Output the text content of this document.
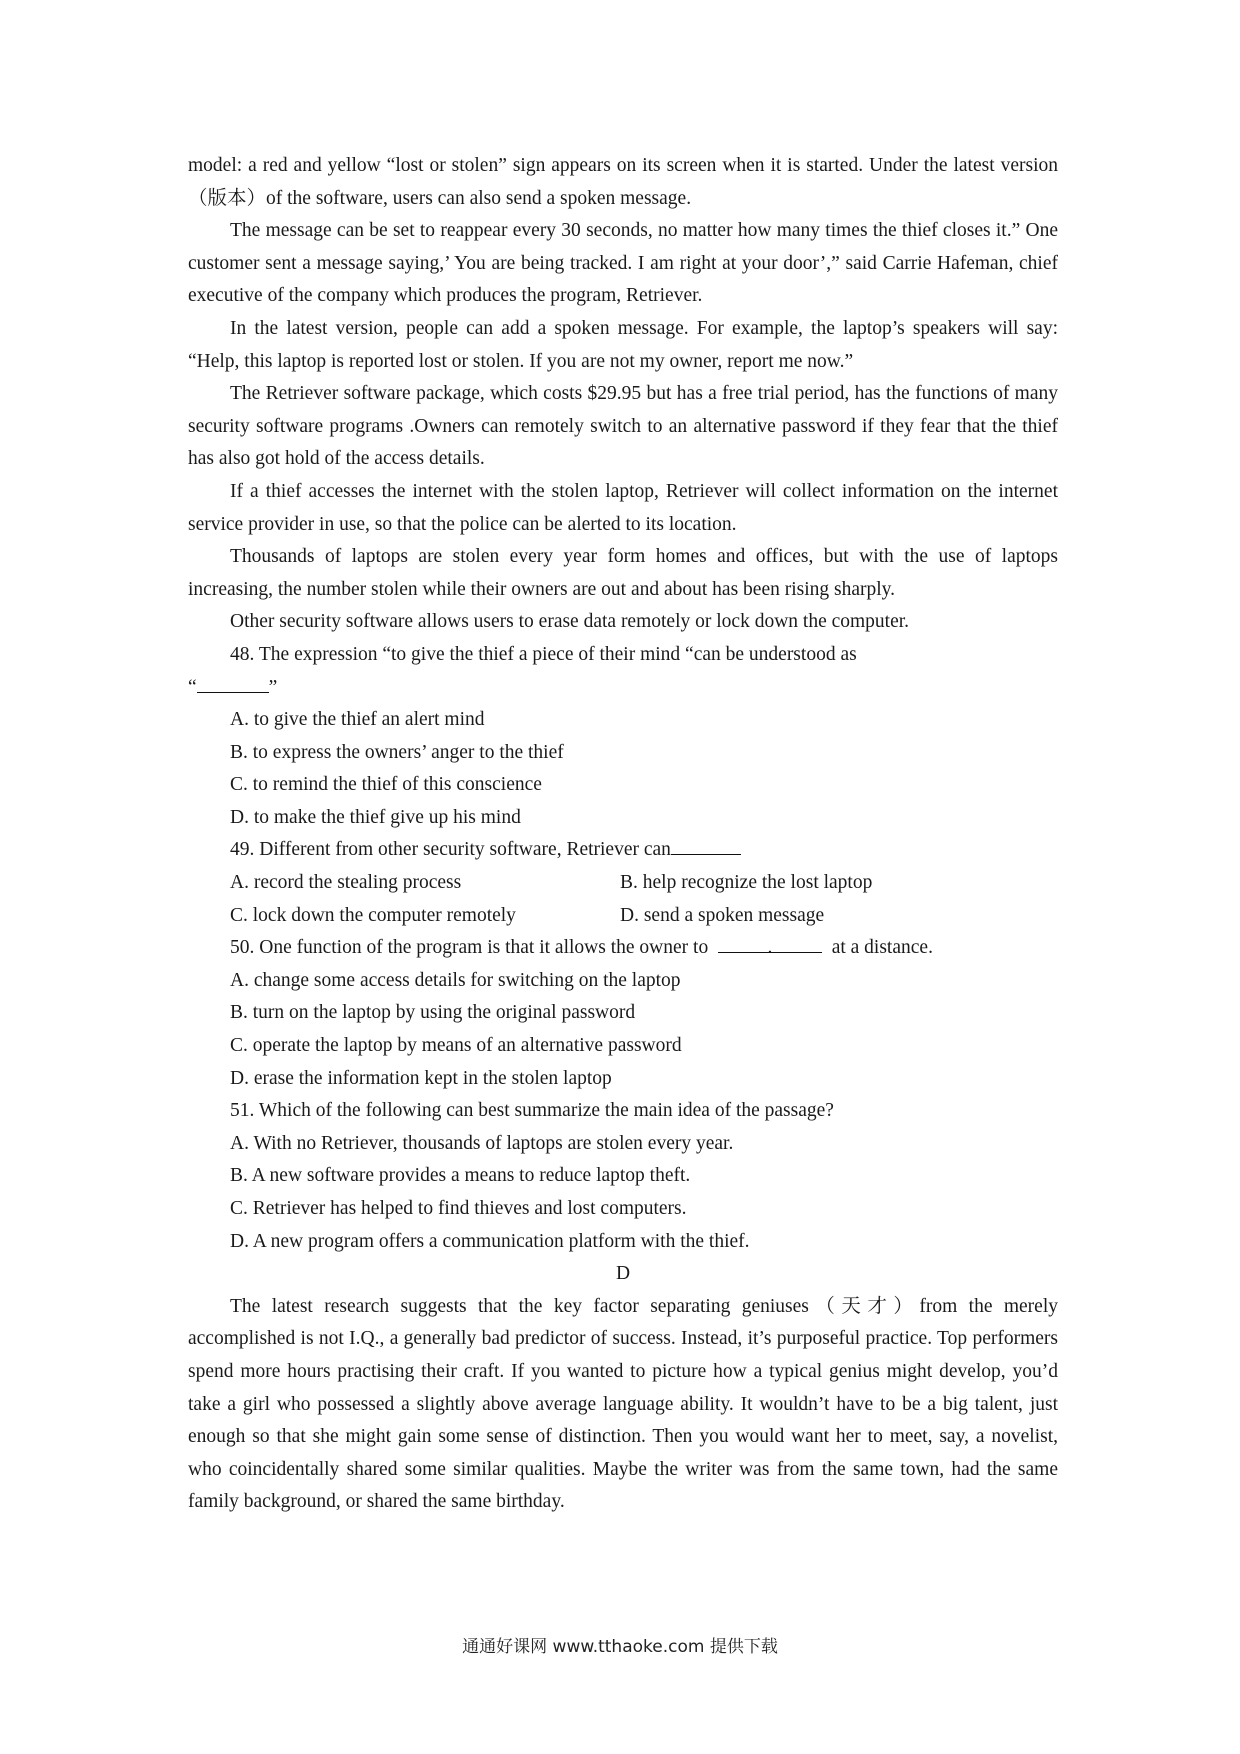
model: a red and yellow “lost or stolen” sign appears on its screen when it is started. Under the latest version（版本）of the software, users can also send a spoken message.

The message can be set to reappear every 30 seconds, no matter how many times the thief closes it.” One customer sent a message saying,’ You are being tracked. I am right at your door’,” said Carrie Hafeman, chief executive of the company which produces the program, Retriever.

In the latest version, people can add a spoken message. For example, the laptop’s speakers will say: “Help, this laptop is reported lost or stolen. If you are not my owner, report me now.”

The Retriever software package, which costs $29.95 but has a free trial period, has the functions of many security software programs .Owners can remotely switch to an alternative password if they fear that the thief has also got hold of the access details.

If a thief accesses the internet with the stolen laptop, Retriever will collect information on the internet service provider in use, so that the police can be alerted to its location.

Thousands of laptops are stolen every year form homes and offices, but with the use of laptops increasing, the number stolen while their owners are out and about has been rising sharply.

Other security software allows users to erase data remotely or lock down the computer.

48. The expression “to give the thief a piece of their mind “can be understood as

“	”

A. to give the thief an alert mind

B. to express the owners’ anger to the thief

C. to remind the thief of this conscience

D. to make the thief give up his mind

49. Different from other security software, Retriever can

A. record the stealing process	B. help recognize the lost laptop
C. lock down the computer remotely	D. send a spoken message

50. One function of the program is that it allows the owner to	.	at a distance.

A. change some access details for switching on the laptop

B. turn on the laptop by using the original password

C. operate the laptop by means of an alternative password

D. erase the information kept in the stolen laptop

51. Which of the following can best summarize the main idea of the passage?

A. With no Retriever, thousands of laptops are stolen every year.

B. A new software provides a means to reduce laptop theft.

C. Retriever has helped to find thieves and lost computers.

D. A new program offers a communication platform with the thief.

D

The latest research suggests that the key factor separating geniuses（天才）from the merely accomplished is not I.Q., a generally bad predictor of success. Instead, it’s purposeful practice. Top performers spend more hours practising their craft. If you wanted to picture how a typical genius might develop, you’d take a girl who possessed a slightly above average language ability. It wouldn’t have to be a big talent, just enough so that she might gain some sense of distinction. Then you would want her to meet, say, a novelist, who coincidentally shared some similar qualities. Maybe the writer was from the same town, had the same family background, or shared the same birthday.

通通好课网 www.tthaoke.com 提供下载
